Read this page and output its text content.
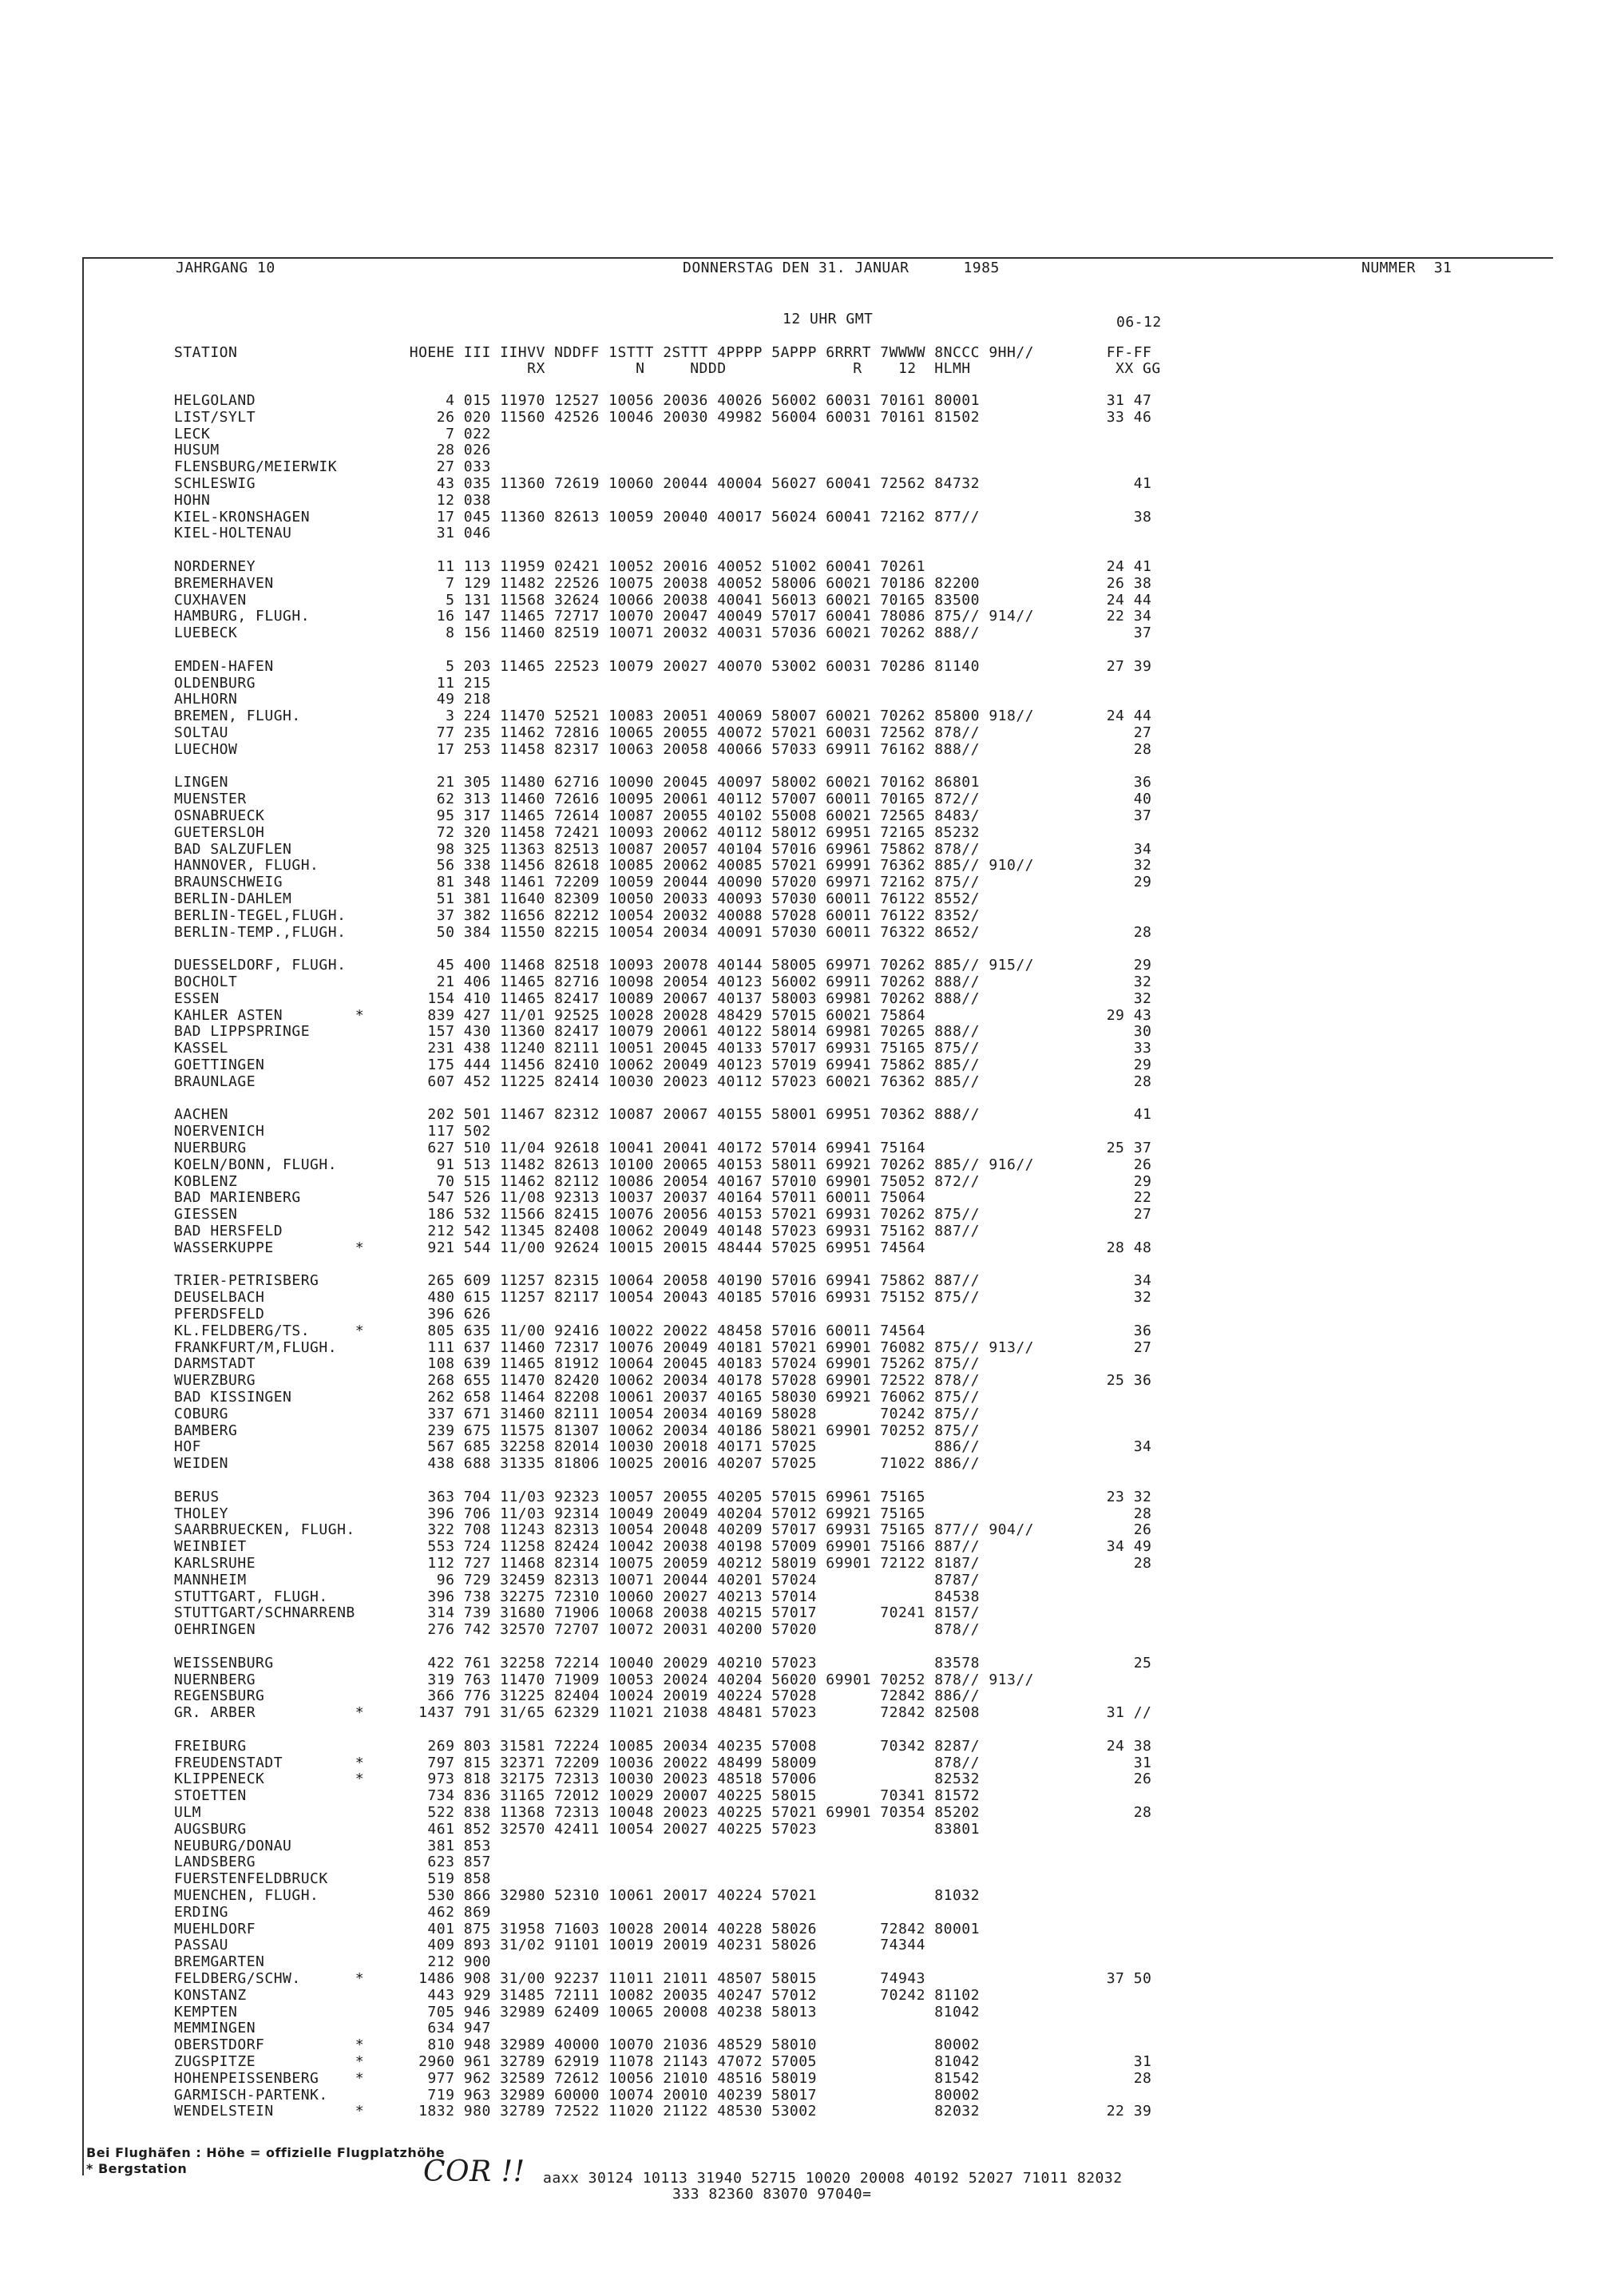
JAHRGANG 10	DONNERSTAG DEN 31. JANUAR      1985	NUMMER  31
12 UHR GMT	06-12
STATION                   HOEHE III IIHVV NDDFF 1STTT 2STTT 4PPPP 5APPP 6RRRT 7WWWW 8NCCC 9HH//        FF-FF
RX          N     NDDD              R    12  HLMH                XX GG
HELGOLAND                     4 015 11970 12527 10056 20036 40026 56002 60031 70161 80001              31 47
LIST/SYLT                    26 020 11560 42526 10046 20030 49982 56004 60031 70161 81502              33 46
LECK                          7 022
HUSUM                        28 026
FLENSBURG/MEIERWIK           27 033
SCHLESWIG                    43 035 11360 72619 10060 20044 40004 56027 60041 72562 84732                 41
HOHN                         12 038
KIEL-KRONSHAGEN              17 045 11360 82613 10059 20040 40017 56024 60041 72162 877//                 38
KIEL-HOLTENAU                31 046
NORDERNEY                    11 113 11959 02421 10052 20016 40052 51002 60041 70261                    24 41
BREMERHAVEN                   7 129 11482 22526 10075 20038 40052 58006 60021 70186 82200              26 38
CUXHAVEN                      5 131 11568 32624 10066 20038 40041 56013 60021 70165 83500              24 44
HAMBURG, FLUGH.              16 147 11465 72717 10070 20047 40049 57017 60041 78086 875// 914//        22 34
LUEBECK                       8 156 11460 82519 10071 20032 40031 57036 60021 70262 888//                 37
EMDEN-HAFEN                   5 203 11465 22523 10079 20027 40070 53002 60031 70286 81140              27 39
OLDENBURG                    11 215
AHLHORN                      49 218
BREMEN, FLUGH.                3 224 11470 52521 10083 20051 40069 58007 60021 70262 85800 918//        24 44
SOLTAU                       77 235 11462 72816 10065 20055 40072 57021 60031 72562 878//                 27
LUECHOW                      17 253 11458 82317 10063 20058 40066 57033 69911 76162 888//                 28
LINGEN                       21 305 11480 62716 10090 20045 40097 58002 60021 70162 86801                 36
MUENSTER                     62 313 11460 72616 10095 20061 40112 57007 60011 70165 872//                 40
OSNABRUECK                   95 317 11465 72614 10087 20055 40102 55008 60021 72565 8483/                 37
GUETERSLOH                   72 320 11458 72421 10093 20062 40112 58012 69951 72165 85232
BAD SALZUFLEN                98 325 11363 82513 10087 20057 40104 57016 69961 75862 878//                 34
HANNOVER, FLUGH.             56 338 11456 82618 10085 20062 40085 57021 69991 76362 885// 910//           32
BRAUNSCHWEIG                 81 348 11461 72209 10059 20044 40090 57020 69971 72162 875//                 29
BERLIN-DAHLEM                51 381 11640 82309 10050 20033 40093 57030 60011 76122 8552/
BERLIN-TEGEL,FLUGH.          37 382 11656 82212 10054 20032 40088 57028 60011 76122 8352/
BERLIN-TEMP.,FLUGH.          50 384 11550 82215 10054 20034 40091 57030 60011 76322 8652/                 28
DUESSELDORF, FLUGH.          45 400 11468 82518 10093 20078 40144 58005 69971 70262 885// 915//           29
BOCHOLT                      21 406 11465 82716 10098 20054 40123 56002 69911 70262 888//                 32
ESSEN                       154 410 11465 82417 10089 20067 40137 58003 69981 70262 888//                 32
KAHLER ASTEN        *       839 427 11/01 92525 10028 20028 48429 57015 60021 75864                    29 43
BAD LIPPSPRINGE             157 430 11360 82417 10079 20061 40122 58014 69981 70265 888//                 30
KASSEL                      231 438 11240 82111 10051 20045 40133 57017 69931 75165 875//                 33
GOETTINGEN                  175 444 11456 82410 10062 20049 40123 57019 69941 75862 885//                 29
BRAUNLAGE                   607 452 11225 82414 10030 20023 40112 57023 60021 76362 885//                 28
AACHEN                      202 501 11467 82312 10087 20067 40155 58001 69951 70362 888//                 41
NOERVENICH                  117 502
NUERBURG                    627 510 11/04 92618 10041 20041 40172 57014 69941 75164                    25 37
KOELN/BONN, FLUGH.           91 513 11482 82613 10100 20065 40153 58011 69921 70262 885// 916//           26
KOBLENZ                      70 515 11462 82112 10086 20054 40167 57010 69901 75052 872//                 29
BAD MARIENBERG              547 526 11/08 92313 10037 20037 40164 57011 60011 75064                       22
GIESSEN                     186 532 11566 82415 10076 20056 40153 57021 69931 70262 875//                 27
BAD HERSFELD                212 542 11345 82408 10062 20049 40148 57023 69931 75162 887//
WASSERKUPPE         *       921 544 11/00 92624 10015 20015 48444 57025 69951 74564                    28 48
TRIER-PETRISBERG            265 609 11257 82315 10064 20058 40190 57016 69941 75862 887//                 34
DEUSELBACH                  480 615 11257 82117 10054 20043 40185 57016 69931 75152 875//                 32
PFERDSFELD                  396 626
KL.FELDBERG/TS.     *       805 635 11/00 92416 10022 20022 48458 57016 60011 74564                       36
FRANKFURT/M,FLUGH.          111 637 11460 72317 10076 20049 40181 57021 69901 76082 875// 913//           27
DARMSTADT                   108 639 11465 81912 10064 20045 40183 57024 69901 75262 875//
WUERZBURG                   268 655 11470 82420 10062 20034 40178 57028 69901 72522 878//              25 36
BAD KISSINGEN               262 658 11464 82208 10061 20037 40165 58030 69921 76062 875//
COBURG                      337 671 31460 82111 10054 20034 40169 58028       70242 875//
BAMBERG                     239 675 11575 81307 10062 20034 40186 58021 69901 70252 875//
HOF                         567 685 32258 82014 10030 20018 40171 57025             886//                 34
WEIDEN                      438 688 31335 81806 10025 20016 40207 57025       71022 886//
BERUS                       363 704 11/03 92323 10057 20055 40205 57015 69961 75165                    23 32
THOLEY                      396 706 11/03 92314 10049 20049 40204 57012 69921 75165                       28
SAARBRUECKEN, FLUGH.        322 708 11243 82313 10054 20048 40209 57017 69931 75165 877// 904//           26
WEINBIET                    553 724 11258 82424 10042 20038 40198 57009 69901 75166 887//              34 49
KARLSRUHE                   112 727 11468 82314 10075 20059 40212 58019 69901 72122 8187/                 28
MANNHEIM                     96 729 32459 82313 10071 20044 40201 57024             8787/
STUTTGART, FLUGH.           396 738 32275 72310 10060 20027 40213 57014             84538
STUTTGART/SCHNARRENB        314 739 31680 71906 10068 20038 40215 57017       70241 8157/
OEHRINGEN                   276 742 32570 72707 10072 20031 40200 57020             878//
WEISSENBURG                 422 761 32258 72214 10040 20029 40210 57023             83578                 25
NUERNBERG                   319 763 11470 71909 10053 20024 40204 56020 69901 70252 878// 913//
REGENSBURG                  366 776 31225 82404 10024 20019 40224 57028       72842 886//
GR. ARBER           *      1437 791 31/65 62329 11021 21038 48481 57023       72842 82508              31 //
FREIBURG                    269 803 31581 72224 10085 20034 40235 57008       70342 8287/              24 38
FREUDENSTADT        *       797 815 32371 72209 10036 20022 48499 58009             878//                 31
KLIPPENECK          *       973 818 32175 72313 10030 20023 48518 57006             82532                 26
STOETTEN                    734 836 31165 72012 10029 20007 40225 58015       70341 81572
ULM                         522 838 11368 72313 10048 20023 40225 57021 69901 70354 85202                 28
AUGSBURG                    461 852 32570 42411 10054 20027 40225 57023             83801
NEUBURG/DONAU               381 853
LANDSBERG                   623 857
FUERSTENFELDBRUCK           519 858
MUENCHEN, FLUGH.            530 866 32980 52310 10061 20017 40224 57021             81032
ERDING                      462 869
MUEHLDORF                   401 875 31958 71603 10028 20014 40228 58026       72842 80001
PASSAU                      409 893 31/02 91101 10019 20019 40231 58026       74344
BREMGARTEN                  212 900
FELDBERG/SCHW.      *      1486 908 31/00 92237 11011 21011 48507 58015       74943                    37 50
KONSTANZ                    443 929 31485 72111 10082 20035 40247 57012       70242 81102
KEMPTEN                     705 946 32989 62409 10065 20008 40238 58013             81042
MEMMINGEN                   634 947
OBERSTDORF          *       810 948 32989 40000 10070 21036 48529 58010             80002
ZUGSPITZE           *      2960 961 32789 62919 11078 21143 47072 57005             81042                 31
HOHENPEISSENBERG    *       977 962 32589 72612 10056 21010 48516 58019             81542                 28
GARMISCH-PARTENK.           719 963 32989 60000 10074 20010 40239 58017             80002
WENDELSTEIN         *      1832 980 32789 72522 11020 21122 48530 53002             82032              22 39
Bei Flughäfen : Höhe = offizielle Flugplatzhöhe
* Bergstation	COR !! aaxx 30124 10113 31940 52715 10020 20008 40192 52027 71011 82032
333 82360 83070 97040=
